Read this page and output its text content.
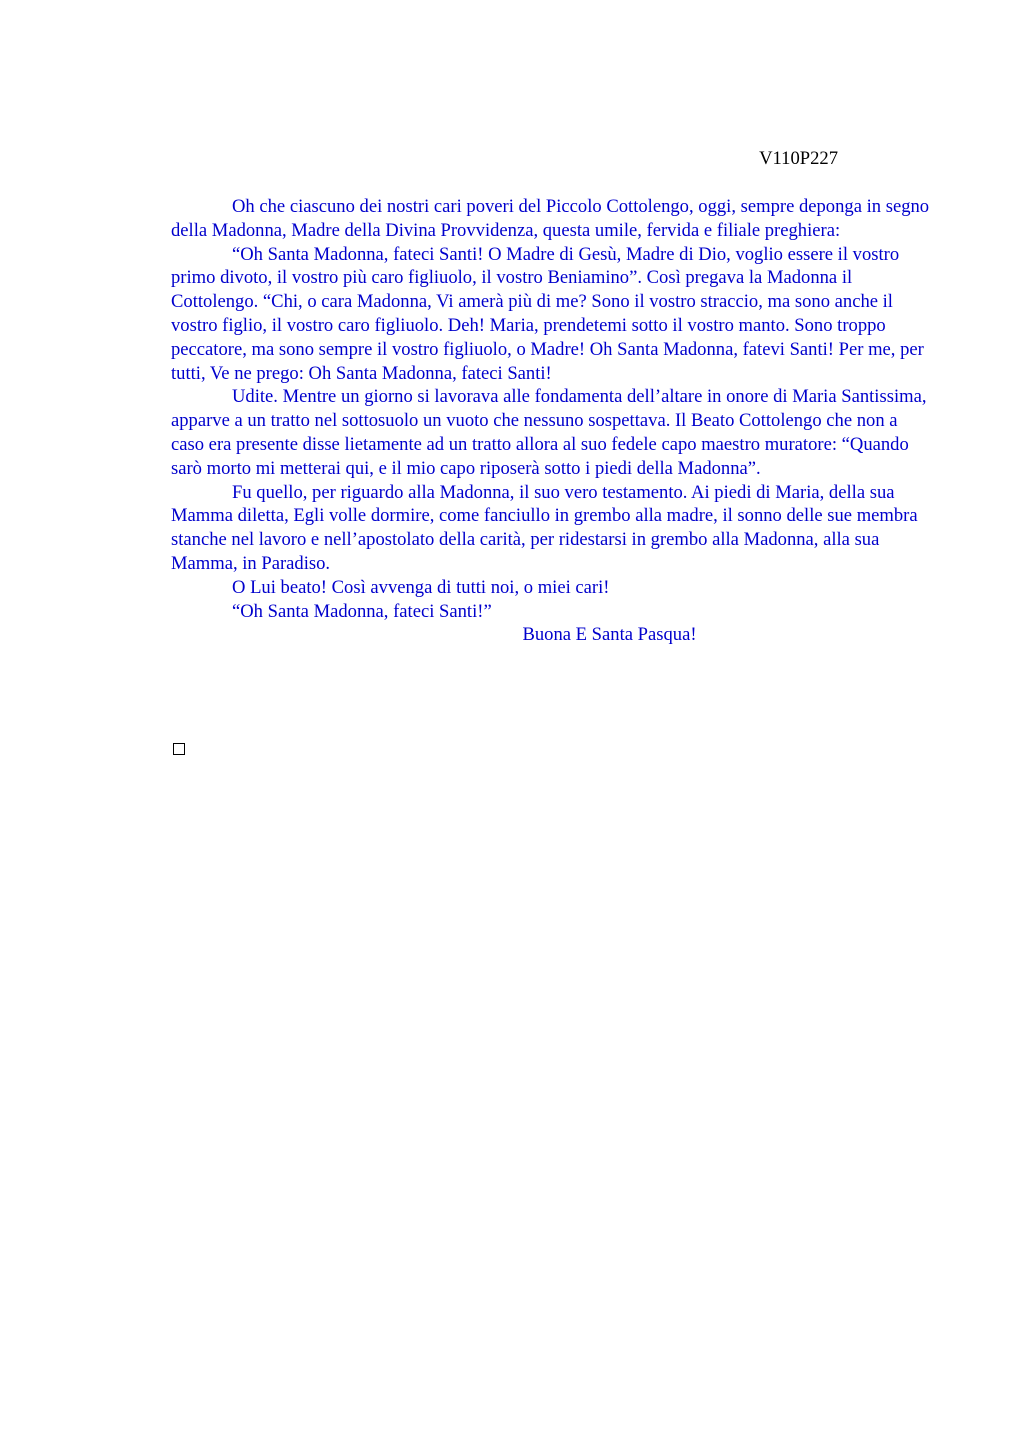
V110P227

Oh che ciascuno dei nostri cari poveri del Piccolo Cottolengo, oggi, sempre deponga in segno della Madonna, Madre della Divina Provvidenza, questa umile, fervida e filiale preghiera:

“Oh Santa Madonna, fateci Santi! O Madre di Gesù, Madre di Dio, voglio essere il vostro primo divoto, il vostro più caro figliuolo, il vostro Beniamino”. Così pregava la Madonna il Cottolengo. “Chi, o cara Madonna, Vi amerà più di me? Sono il vostro straccio, ma sono anche il vostro figlio, il vostro caro figliuolo. Deh! Maria, prendetemi sotto il vostro manto. Sono troppo peccatore, ma sono sempre il vostro figliuolo, o Madre! Oh Santa Madonna, fatevi Santi! Per me, per tutti, Ve ne prego: Oh Santa Madonna, fateci Santi!

Udite. Mentre un giorno si lavorava alle fondamenta dell’altare in onore di Maria Santissima, apparve a un tratto nel sottosuolo un vuoto che nessuno sospettava. Il Beato Cottolengo che non a caso era presente disse lietamente ad un tratto allora al suo fedele capo maestro muratore: “Quando sarò morto mi metterai qui, e il mio capo riposerà sotto i piedi della Madonna”.

Fu quello, per riguardo alla Madonna, il suo vero testamento. Ai piedi di Maria, della sua Mamma diletta, Egli volle dormire, come fanciullo in grembo alla madre, il sonno delle sue membra stanche nel lavoro e nell’apostolato della carità, per ridestarsi in grembo alla Madonna, alla sua Mamma, in Paradiso.

O Lui beato! Così avvenga di tutti noi, o miei cari!

“Oh Santa Madonna, fateci Santi!”

Buona E Santa Pasqua!
